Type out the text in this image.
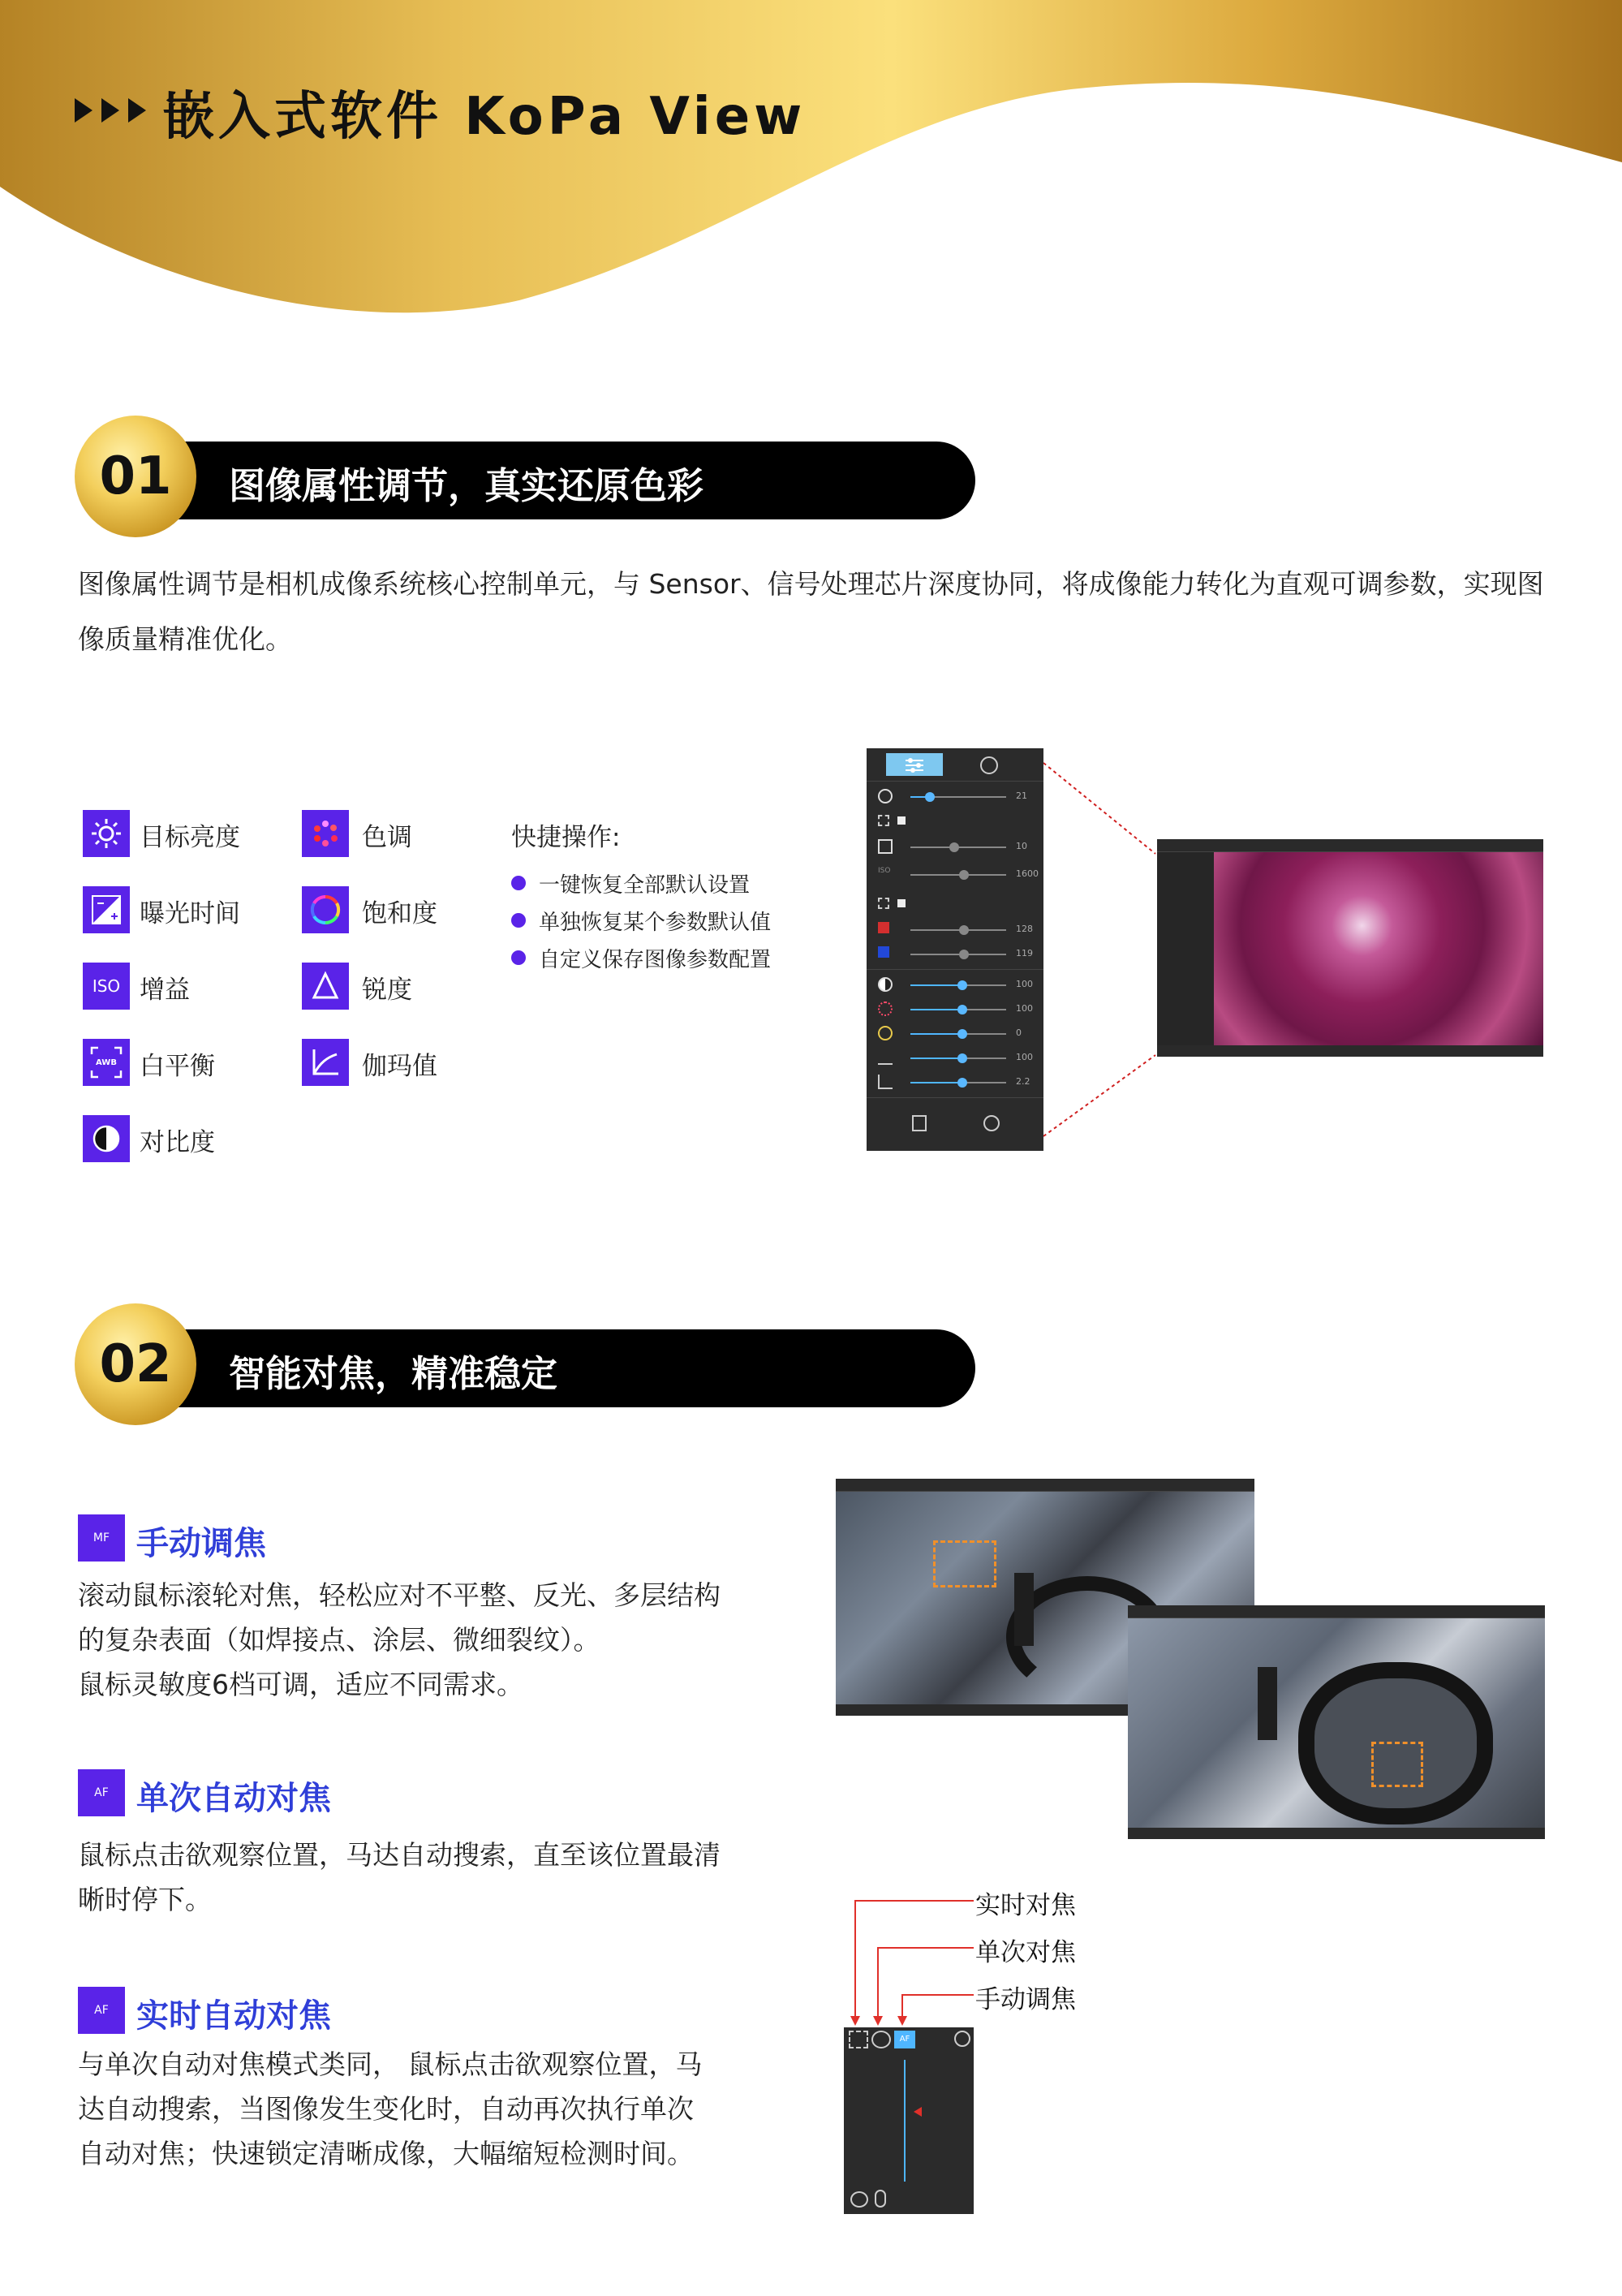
嵌入式软件 KoPa View
01	图像属性调节，真实还原色彩
图像属性调节是相机成像系统核心控制单元，与 Sensor、信号处理芯片深度协同，将成像能力转化为直观可调参数，实现图像质量精准优化。
目标亮度
曝光时间
ISO 增益
AWB 白平衡
对比度
色调
饱和度
锐度
伽玛值
快捷操作:
一键恢复全部默认设置
单独恢复某个参数默认值
自定义保存图像参数配置
21
10
ISO	1600
128
119
100
100
0
100
2.2
02	智能对焦，精准稳定
MF 手动调焦
滚动鼠标滚轮对焦，轻松应对不平整、反光、多层结构
的复杂表面（如焊接点、涂层、微细裂纹）。
鼠标灵敏度6档可调，适应不同需求。
AF 单次自动对焦
鼠标点击欲观察位置，马达自动搜索，直至该位置最清
晰时停下。
AF 实时自动对焦
与单次自动对焦模式类同， 鼠标点击欲观察位置，马
达自动搜索，当图像发生变化时，自动再次执行单次
自动对焦；快速锁定清晰成像，大幅缩短检测时间。
实时对焦
单次对焦
手动调焦
AF
